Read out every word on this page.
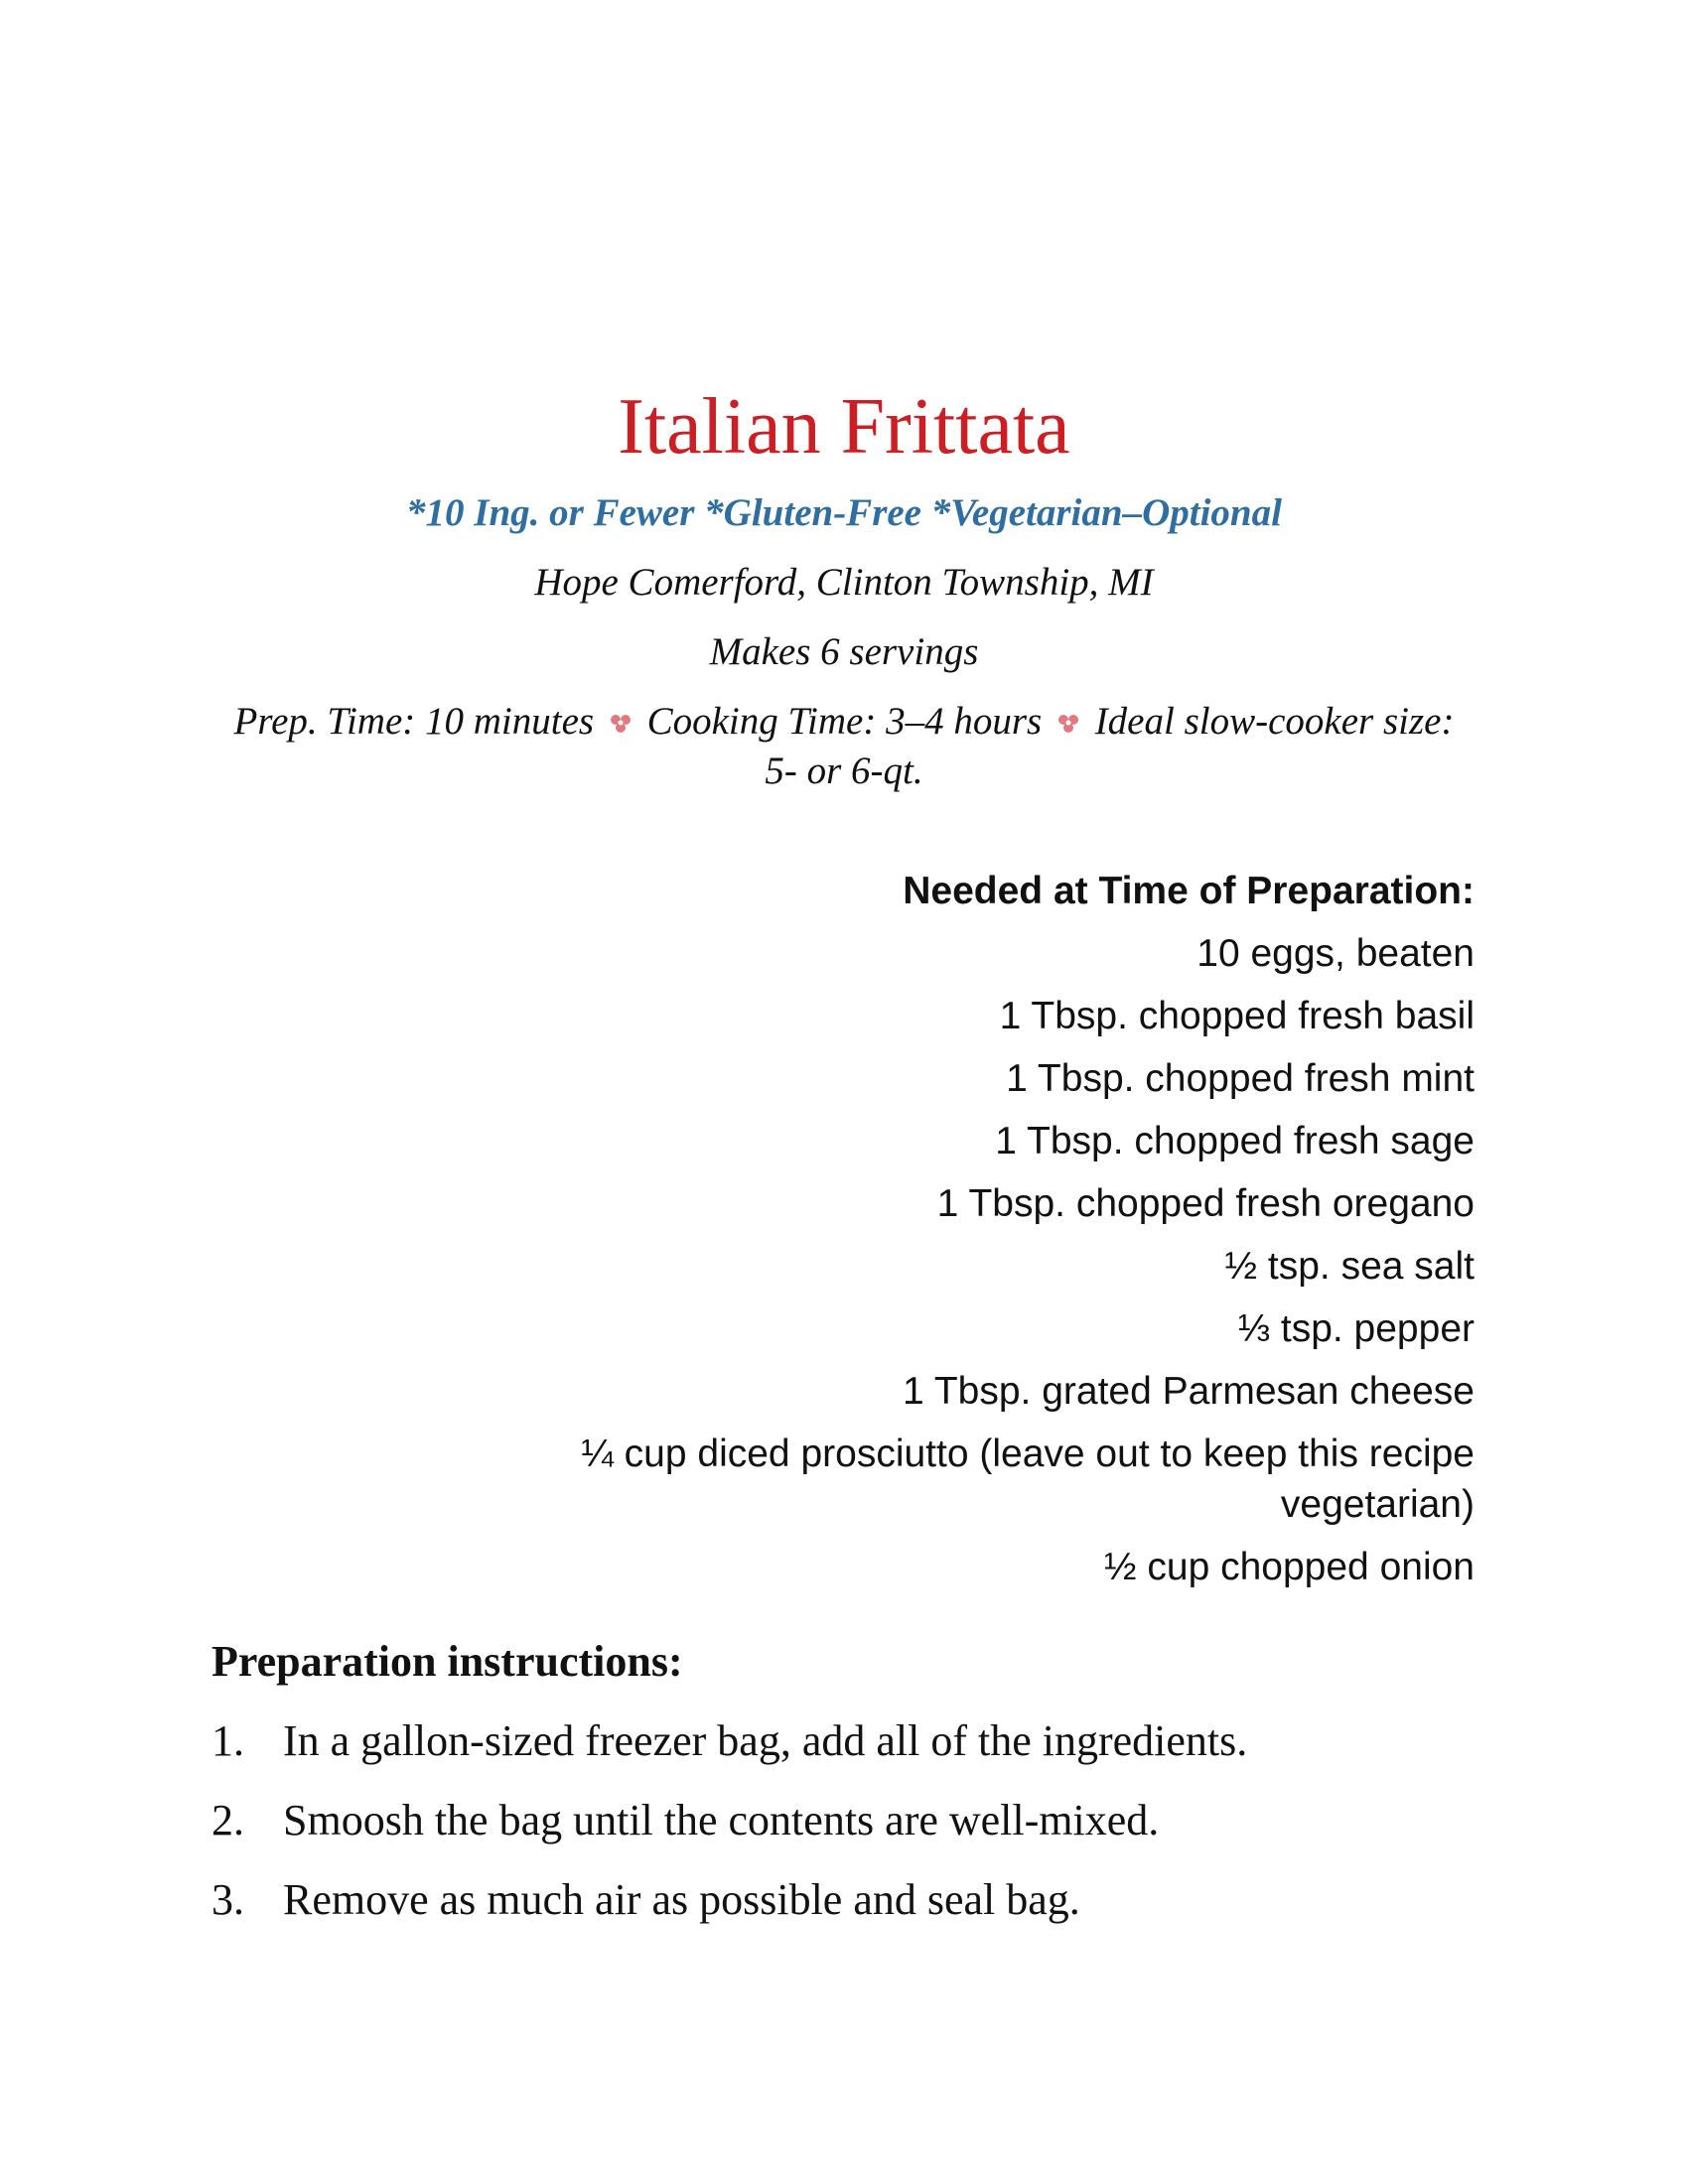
Italian Frittata
*10 Ing. or Fewer *Gluten-Free *Vegetarian–Optional
Hope Comerford, Clinton Township, MI
Makes 6 servings
Prep. Time: 10 minutes Cooking Time: 3–4 hours Ideal slow-cooker size: 5- or 6-qt.
Needed at Time of Preparation:
10 eggs, beaten
1 Tbsp. chopped fresh basil
1 Tbsp. chopped fresh mint
1 Tbsp. chopped fresh sage
1 Tbsp. chopped fresh oregano
½ tsp. sea salt
⅓ tsp. pepper
1 Tbsp. grated Parmesan cheese
¼ cup diced prosciutto (leave out to keep this recipe vegetarian)
½ cup chopped onion
Preparation instructions:
1. In a gallon-sized freezer bag, add all of the ingredients.
2. Smoosh the bag until the contents are well-mixed.
3. Remove as much air as possible and seal bag.
